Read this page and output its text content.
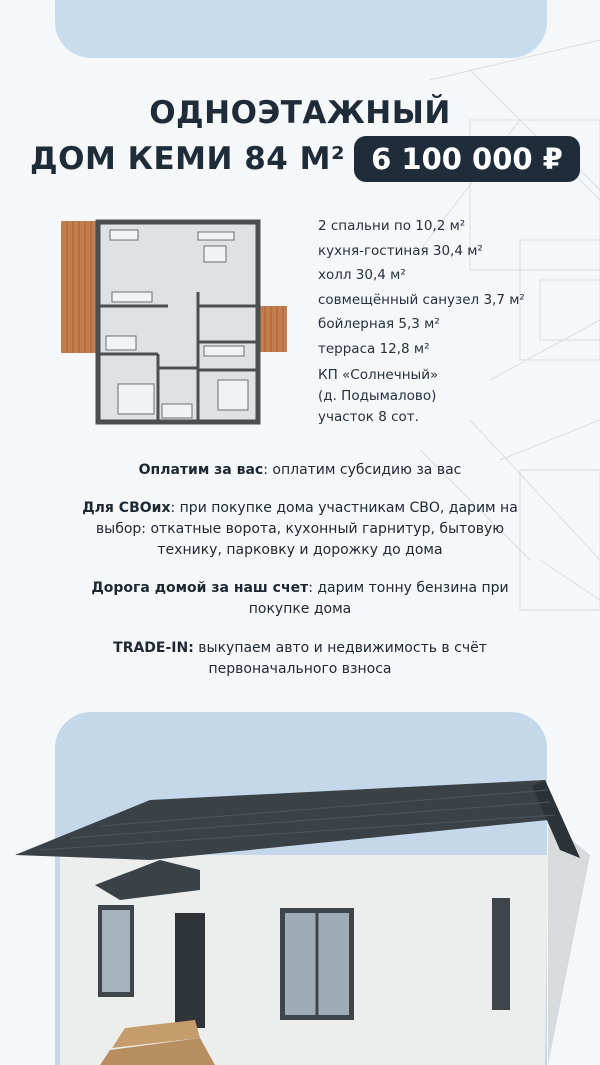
ОДНОЭТАЖНЫЙ
ДОМ КЕМИ 84 М² 6 100 000 ₽
2 спальни по 10,2 м²
кухня-гостиная 30,4 м²
холл 30,4 м²
совмещённый санузел 3,7 м²
бойлерная 5,3 м²
терраса 12,8 м²
КП «Солнечный»
(д. Подымалово)
участок 8 сот.
Оплатим за вас: оплатим субсидию за вас
Для СВОих: при покупке дома участникам СВО, дарим на выбор: откатные ворота, кухонный гарнитур, бытовую технику, парковку и дорожку до дома
Дорога домой за наш счет: дарим тонну бензина при покупке дома
TRADE-IN: выкупаем авто и недвижимость в счёт первоначального взноса
